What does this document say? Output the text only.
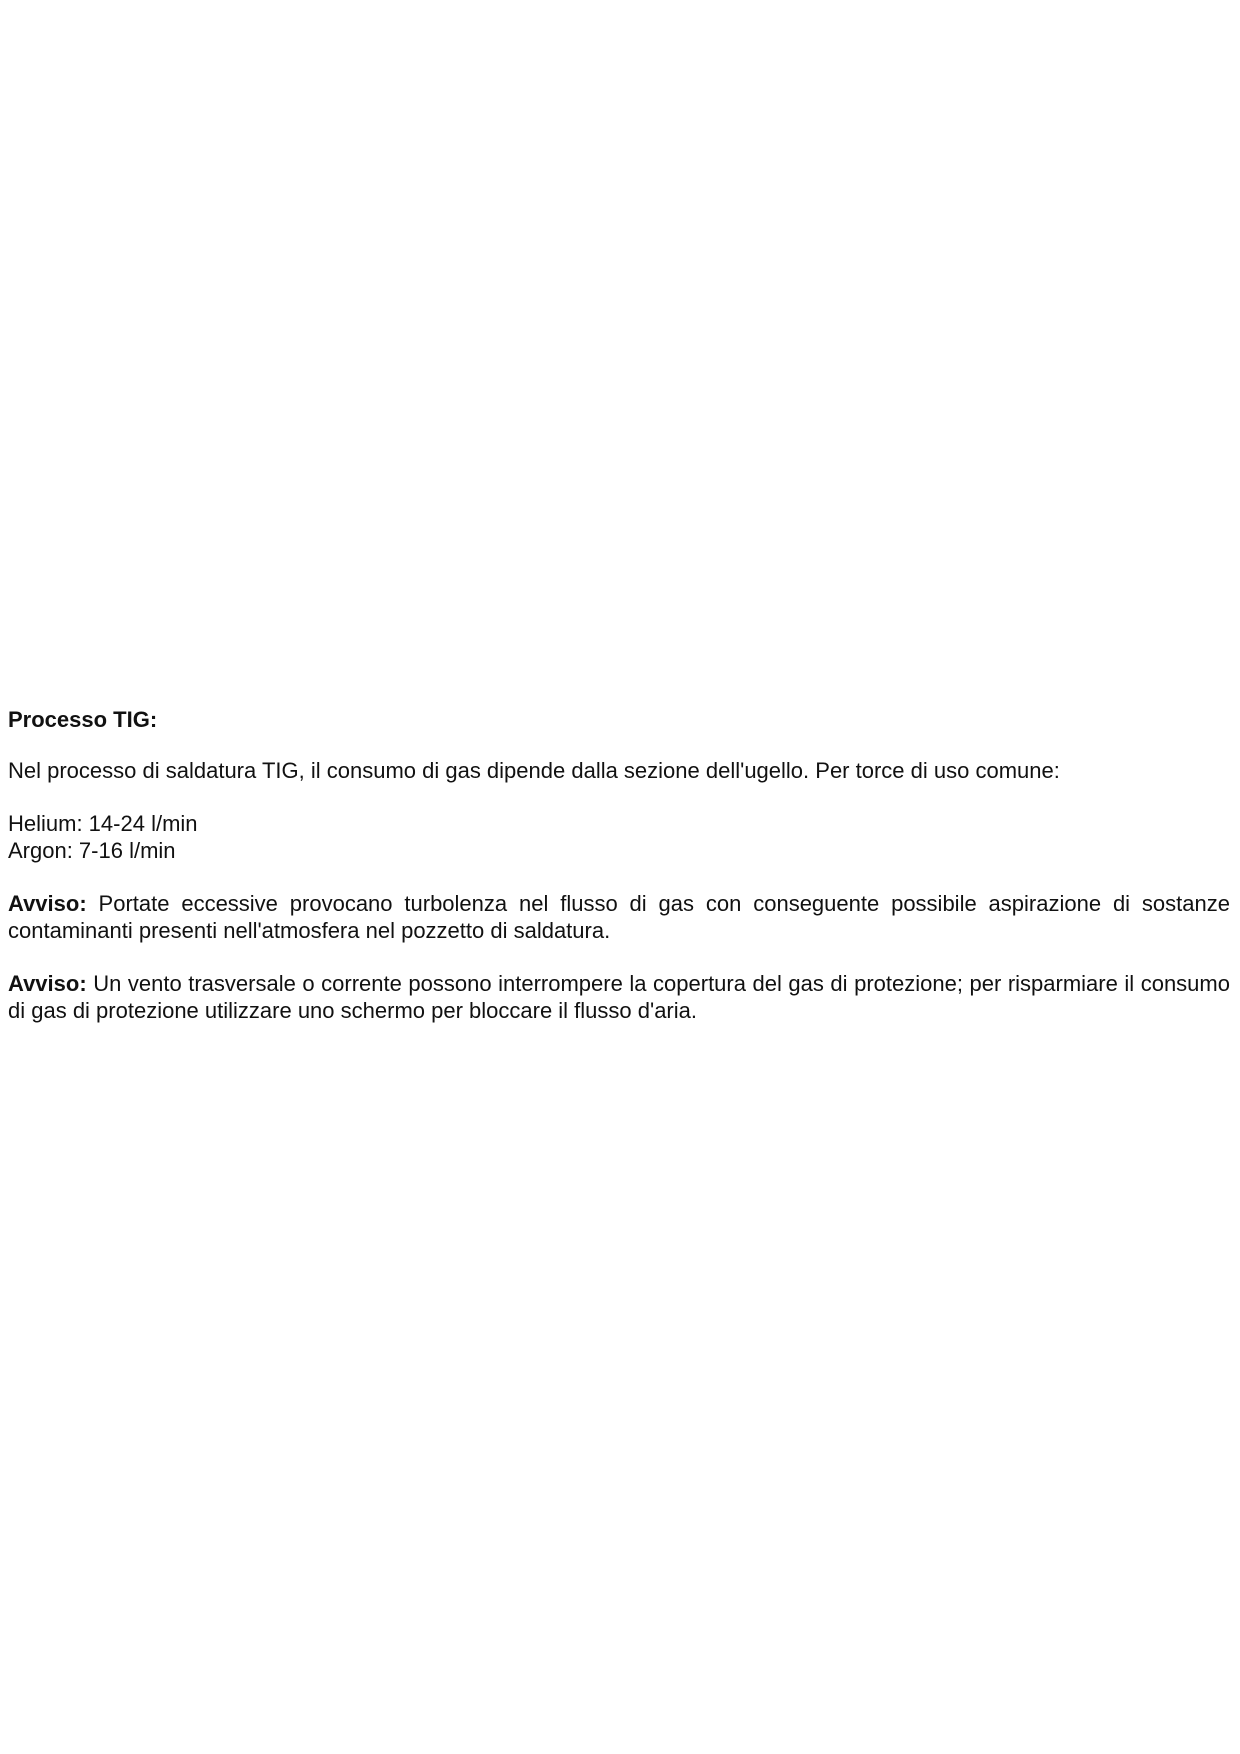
Processo TIG:

Nel processo di saldatura TIG, il consumo di gas dipende dalla sezione dell'ugello. Per torce di uso comune:

Helium: 14-24 l/min
Argon: 7-16 l/min

Avviso: Portate eccessive provocano turbolenza nel flusso di gas con conseguente possibile aspirazione di sostanze contaminanti presenti nell'atmosfera nel pozzetto di saldatura.

Avviso: Un vento trasversale o corrente possono interrompere la copertura del gas di protezione; per risparmiare il consumo di gas di protezione utilizzare uno schermo per bloccare il flusso d'aria.
